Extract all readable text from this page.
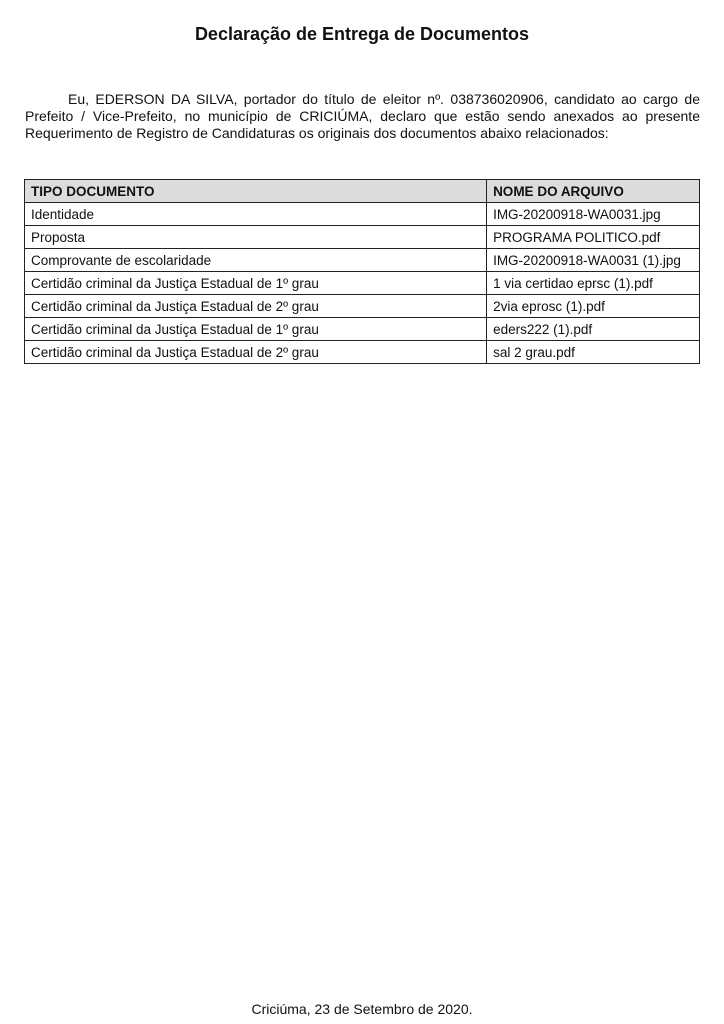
Declaração de Entrega de Documentos
Eu, EDERSON DA SILVA, portador do título de eleitor nº. 038736020906, candidato ao cargo de Prefeito / Vice-Prefeito, no município de CRICIÚMA, declaro que estão sendo anexados ao presente Requerimento de Registro de Candidaturas os originais dos documentos abaixo relacionados:
TIPO DOCUMENTO	NOME DO ARQUIVO
Identidade	IMG-20200918-WA0031.jpg
Proposta	PROGRAMA POLITICO.pdf
Comprovante de escolaridade	IMG-20200918-WA0031 (1).jpg
Certidão criminal da Justiça Estadual de 1º grau	1 via certidao eprsc (1).pdf
Certidão criminal da Justiça Estadual de 2º grau	2via eprosc (1).pdf
Certidão criminal da Justiça Estadual de 1º grau	eders222 (1).pdf
Certidão criminal da Justiça Estadual de 2º grau	sal 2 grau.pdf
Criciúma, 23 de Setembro de 2020.
